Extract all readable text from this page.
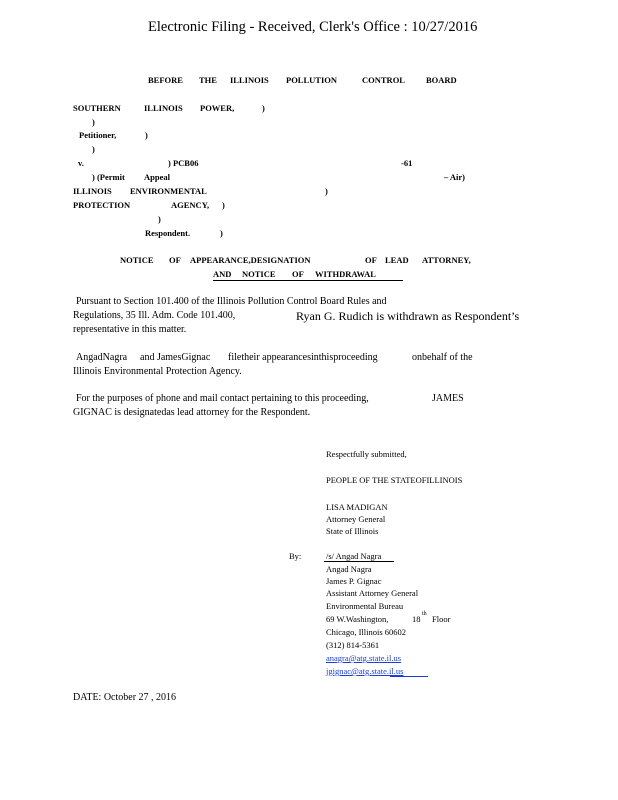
Electronic Filing - Received, Clerk's Office : 10/27/2016
BEFORE THE ILLINOIS POLLUTION	CONTROL BOARD
SOUTHERN	ILLINOIS POWER,	)
)
Petitioner,	)
)
v.	) PCB06	-61
) (Permit Appeal	– Air)
ILLINOIS ENVIRONMENTAL	)
PROTECTION	AGENCY, )
)
Respondent.	)
NOTICE OF APPEARANCE,DESIGNATION	OF LEAD ATTORNEY,
AND NOTICE OF WITHDRAWAL
Pursuant to Section 101.400 of the Illinois Pollution Control Board Rules and
Regulations, 35 Ill. Adm. Code 101.400,	Ryan G. Rudich is withdrawn as Respondent’s
representative in this matter.
AngadNagra and JamesGignac filetheir appearancesinthisproceeding	onbehalf of the
Illinois Environmental Protection Agency.
For the purposes of phone and mail contact pertaining to this proceeding,	JAMES
GIGNAC is designatedas lead attorney for the Respondent.
Respectfully submitted,
PEOPLE OF THE STATEOFILLINOIS
LISA MADIGAN
Attorney General
State of Illinois
By:	/s/ Angad Nagra
Angad Nagra
James P. Gignac
Assistant Attorney General
Environmental Bureau
69 W.Washington,	18 th Floor
Chicago, Illinois 60602
(312) 814-5361
anagra@atg.state.il.us
jgignac@atg.state.il.us
DATE: October 27 , 2016
